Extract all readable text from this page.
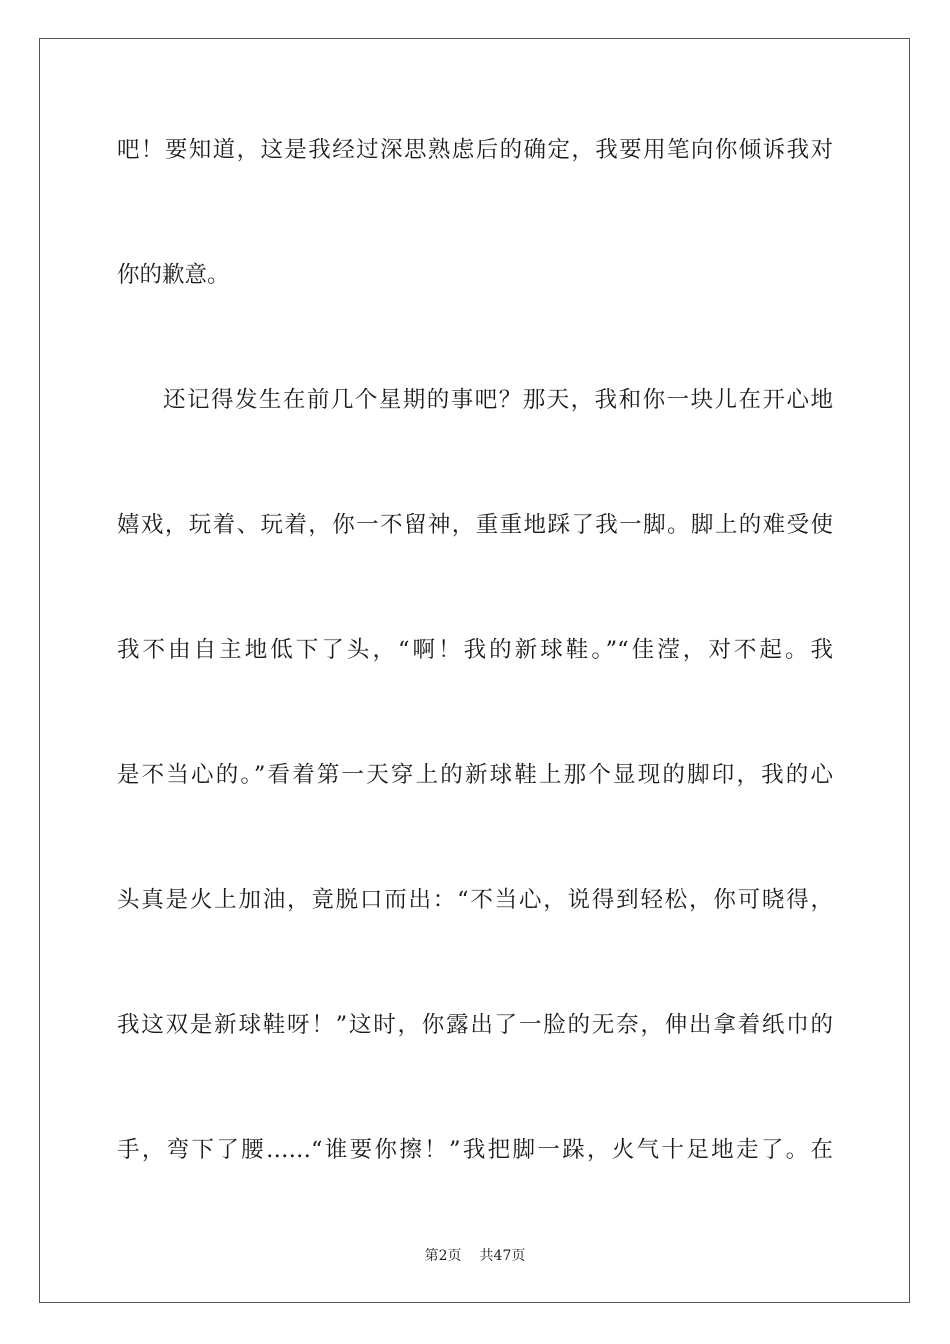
吧！要知道，这是我经过深思熟虑后的确定，我要用笔向你倾诉我对
你的歉意。
还记得发生在前几个星期的事吧？那天，我和你一块儿在开心地
嬉戏，玩着、玩着，你一不留神，重重地踩了我一脚。脚上的难受使
我不由自主地低下了头，“啊！我的新球鞋。”“佳滢，对不起。我
是不当心的。”看着第一天穿上的新球鞋上那个显现的脚印，我的心
头真是火上加油，竟脱口而出：“不当心，说得到轻松，你可晓得，
我这双是新球鞋呀！”这时，你露出了一脸的无奈，伸出拿着纸巾的
手，弯下了腰……“谁要你擦！”我把脚一跺，火气十足地走了。在
第2页 共47页
